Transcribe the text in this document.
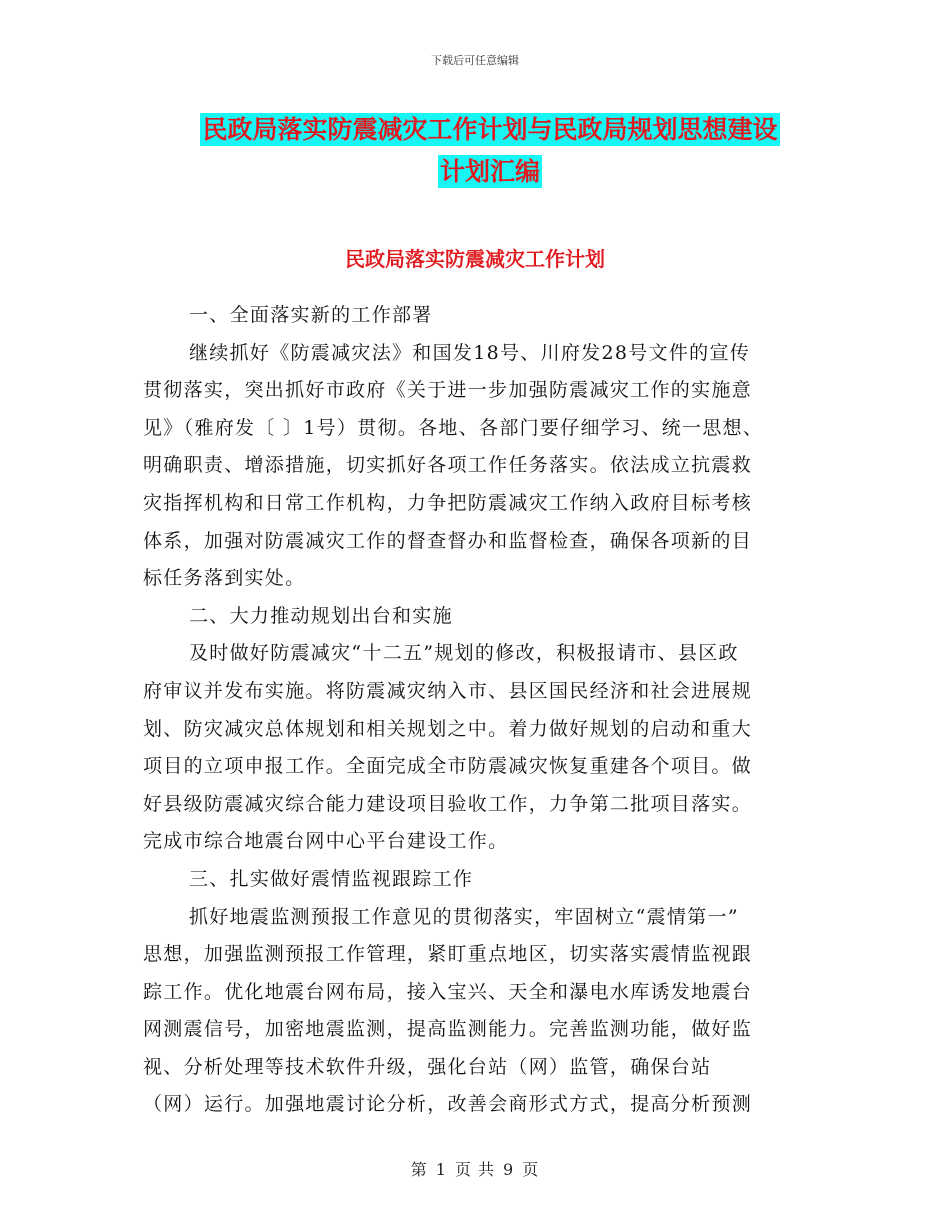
下载后可任意编辑
民政局落实防震减灾工作计划与民政局规划思想建设
计划汇编
民政局落实防震减灾工作计划
一、全面落实新的工作部署
继续抓好《防震减灾法》和国发18号、川府发28号文件的宣传
贯彻落实，突出抓好市政府《关于进一步加强防震减灾工作的实施意
见》（雅府发〔 〕1号）贯彻。各地、各部门要仔细学习、统一思想、
明确职责、增添措施，切实抓好各项工作任务落实。依法成立抗震救
灾指挥机构和日常工作机构，力争把防震减灾工作纳入政府目标考核
体系，加强对防震减灾工作的督查督办和监督检查，确保各项新的目
标任务落到实处。
二、大力推动规划出台和实施
及时做好防震减灾“十二五”规划的修改，积极报请市、县区政
府审议并发布实施。将防震减灾纳入市、县区国民经济和社会进展规
划、防灾减灾总体规划和相关规划之中。着力做好规划的启动和重大
项目的立项申报工作。全面完成全市防震减灾恢复重建各个项目。做
好县级防震减灾综合能力建设项目验收工作，力争第二批项目落实。
完成市综合地震台网中心平台建设工作。
三、扎实做好震情监视跟踪工作
抓好地震监测预报工作意见的贯彻落实，牢固树立“震情第一”
思想，加强监测预报工作管理，紧盯重点地区，切实落实震情监视跟
踪工作。优化地震台网布局，接入宝兴、天全和瀑电水库诱发地震台
网测震信号，加密地震监测，提高监测能力。完善监测功能，做好监
视、分析处理等技术软件升级，强化台站（网）监管，确保台站
（网）运行。加强地震讨论分析，改善会商形式方式，提高分析预测
第 1 页 共 9 页
